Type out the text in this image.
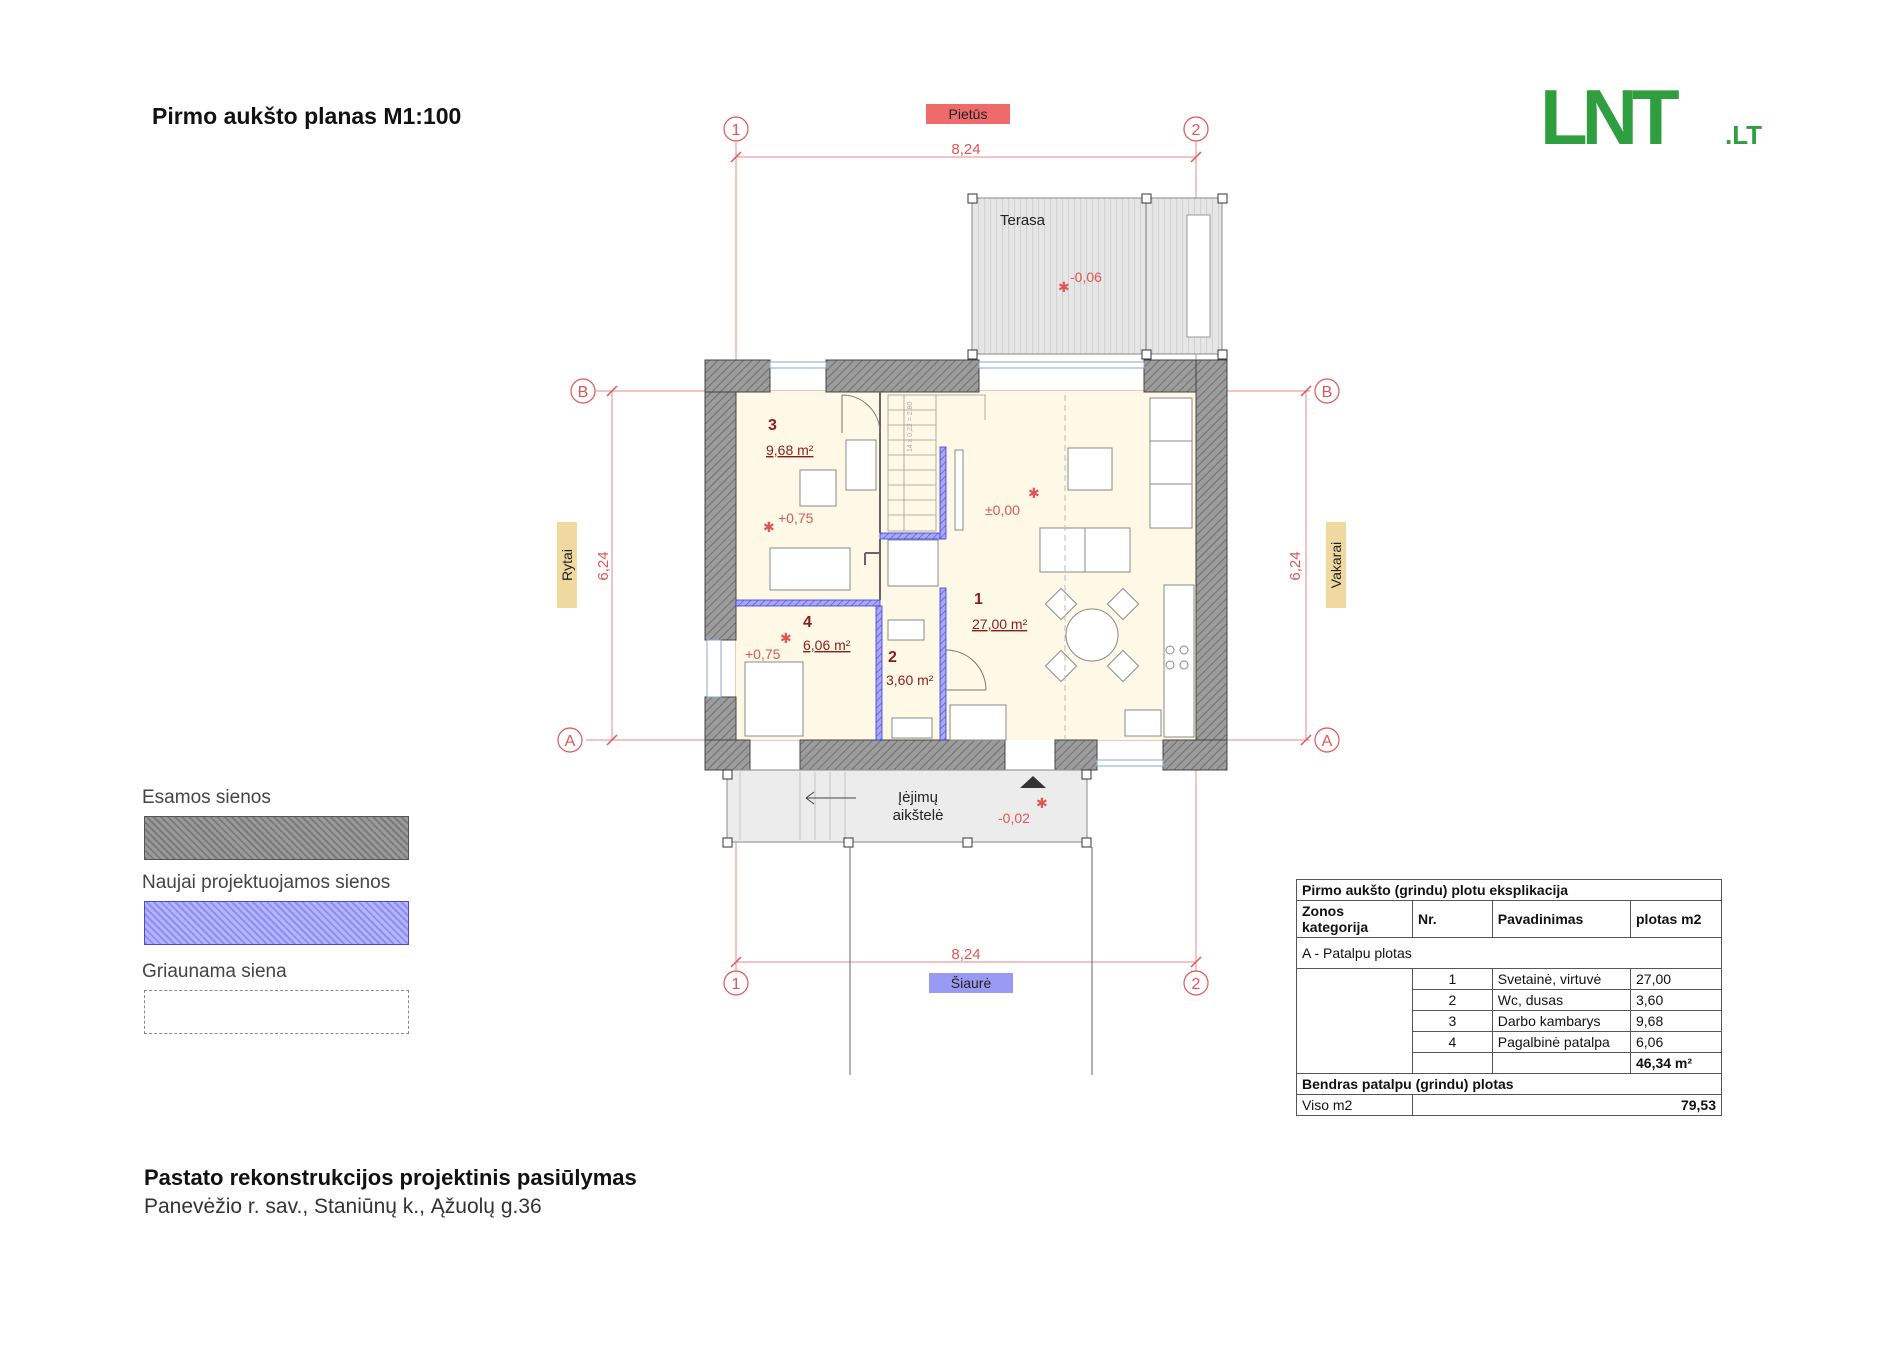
Pirmo aukšto planas M1:100	LNT .LT
8,24
8,24
6,24	6,24
1	2
1	2
B	B
A	A
Pietūs
Šiaurė
Rytai	Vakarai
Terasa
-0,06
✱
14 x 0,22 = 2,80
3
9,68 m²
1
27,00 m²
2
3,60 m²
4
6,06 m²
+0,75	±0,00
+0,75
✱
✱
✱
Įėjimų
aikštelė	-0,02
✱
Esamos sienos
Naujai projektuojamos sienos
Griaunama siena
Pirmo aukšto (grindu) plotu eksplikacija			
Zonos kategorija	Nr.	Pavadinimas	plotas m2
A - Patalpu plotas			
	1	Svetainė, virtuvė	27,00
	2	Wc, dusas	3,60
	3	Darbo kambarys	9,68
	4	Pagalbinė patalpa	6,06
			46,34 m²
Bendras patalpu (grindu) plotas			
Viso m2	79,53		
Pastato rekonstrukcijos projektinis pasiūlymas
Panevėžio r. sav., Staniūnų k., Ąžuolų g.36
